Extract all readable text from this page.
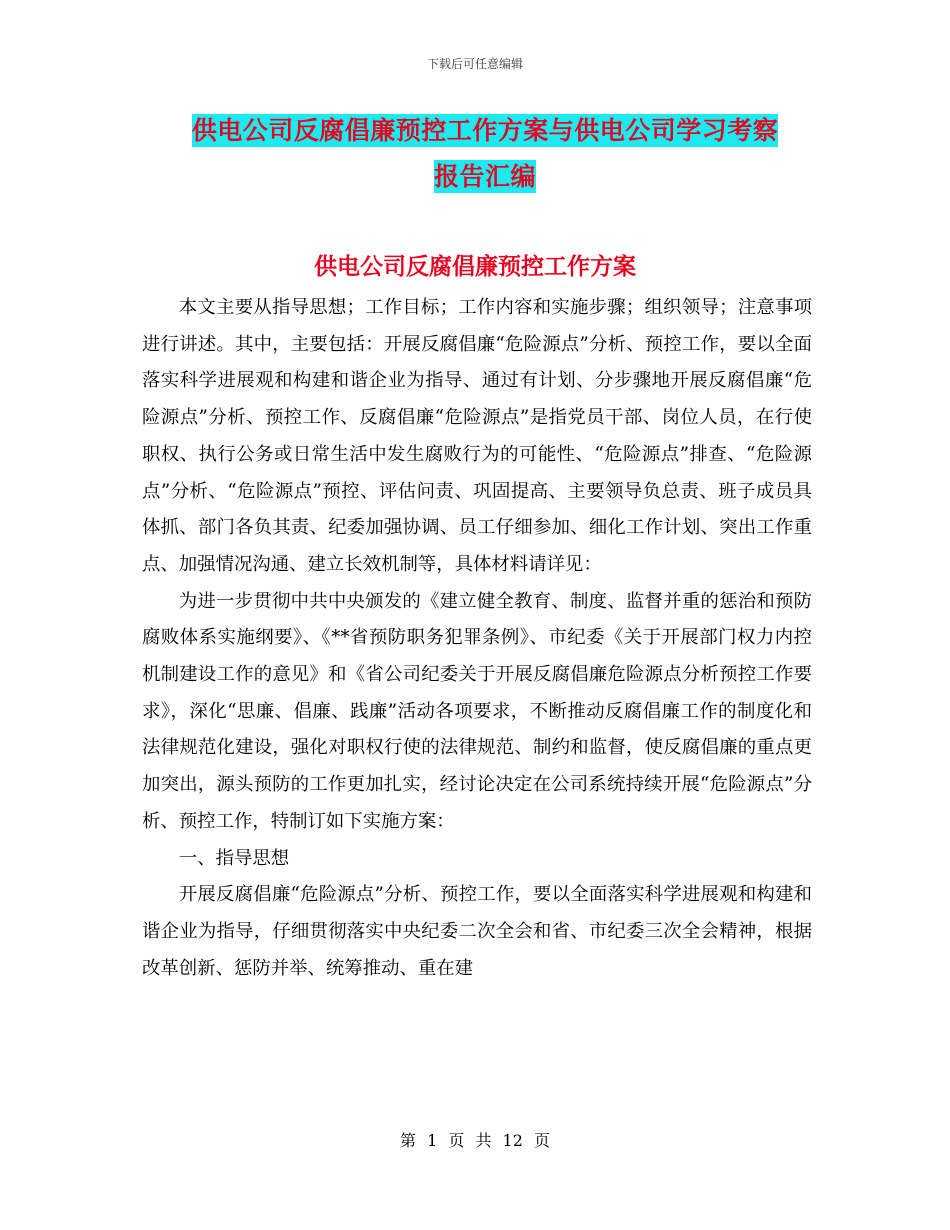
下载后可任意编辑
供电公司反腐倡廉预控工作方案与供电公司学习考察
报告汇编
供电公司反腐倡廉预控工作方案

本文主要从指导思想；工作目标；工作内容和实施步骤；组织领导；注意事项进行讲述。其中，主要包括：开展反腐倡廉“危险源点”分析、预控工作，要以全面落实科学进展观和构建和谐企业为指导、通过有计划、分步骤地开展反腐倡廉“危险源点”分析、预控工作、反腐倡廉“危险源点”是指党员干部、岗位人员，在行使职权、执行公务或日常生活中发生腐败行为的可能性、“危险源点”排查、“危险源点”分析、“危险源点”预控、评估问责、巩固提高、主要领导负总责、班子成员具体抓、部门各负其责、纪委加强协调、员工仔细参加、细化工作计划、突出工作重点、加强情况沟通、建立长效机制等，具体材料请详见：

为进一步贯彻中共中央颁发的《建立健全教育、制度、监督并重的惩治和预防腐败体系实施纲要》、《**省预防职务犯罪条例》、市纪委《关于开展部门权力内控机制建设工作的意见》和《省公司纪委关于开展反腐倡廉危险源点分析预控工作要求》，深化“思廉、倡廉、践廉”活动各项要求，不断推动反腐倡廉工作的制度化和法律规范化建设，强化对职权行使的法律规范、制约和监督，使反腐倡廉的重点更加突出，源头预防的工作更加扎实，经讨论决定在公司系统持续开展“危险源点”分析、预控工作，特制订如下实施方案：

一、指导思想

开展反腐倡廉“危险源点”分析、预控工作，要以全面落实科学进展观和构建和谐企业为指导，仔细贯彻落实中央纪委二次全会和省、市纪委三次全会精神，根据改革创新、惩防并举、统筹推动、重在建

第 1 页 共 12 页
